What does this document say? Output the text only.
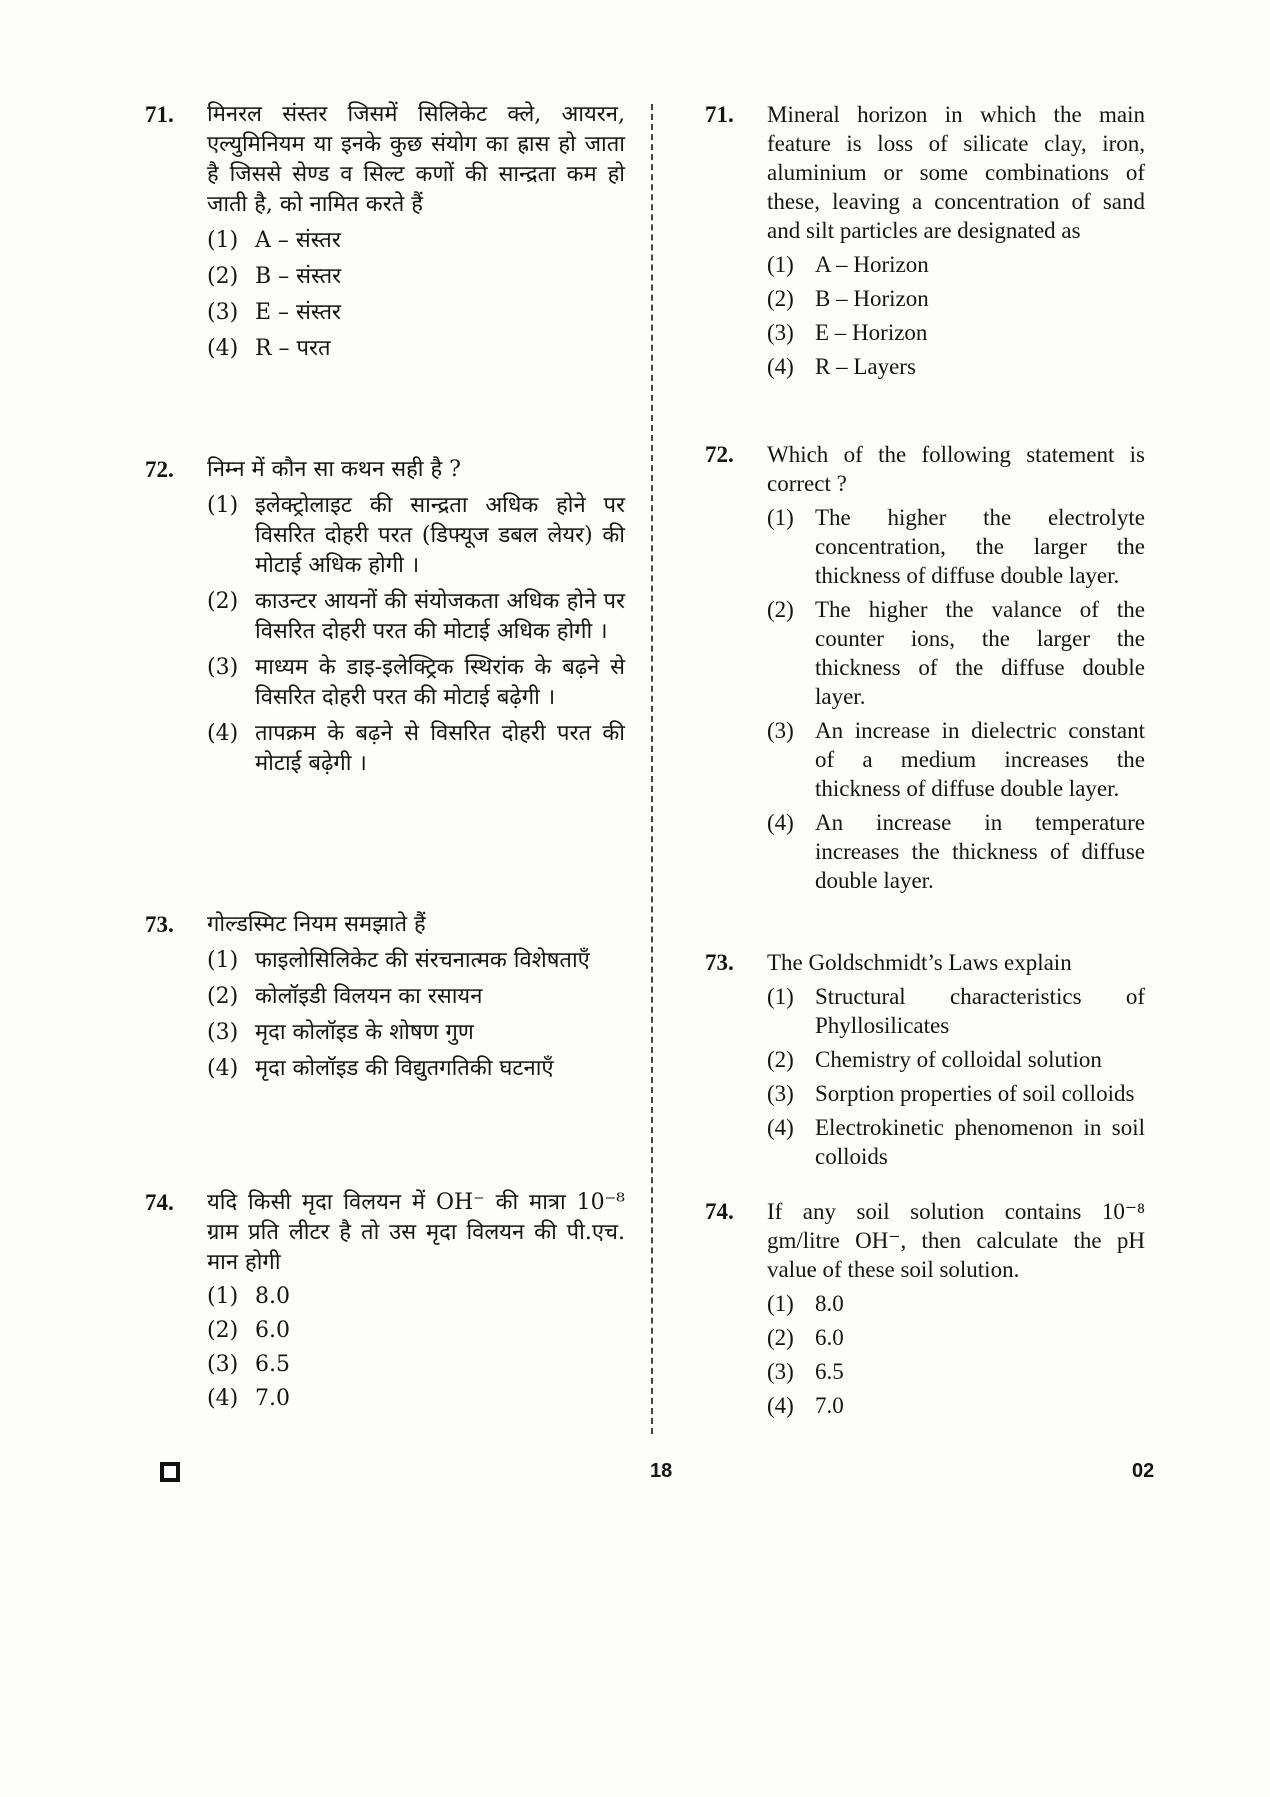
71.	मिनरल संस्तर जिसमें सिलिकेट क्ले, आयरन, एल्युमिनियम या इनके कुछ संयोग का ह्रास हो जाता है जिससे सेण्ड व सिल्ट कणों की सान्द्रता कम हो जाती है, को नामित करते हैं
(1) A – संस्तर
(2) B – संस्तर
(3) E – संस्तर
(4) R – परत
72.	निम्न में कौन सा कथन सही है ?
(1) इलेक्ट्रोलाइट की सान्द्रता अधिक होने पर विसरित दोहरी परत (डिफ्यूज डबल लेयर) की मोटाई अधिक होगी ।
(2) काउन्टर आयनों की संयोजकता अधिक होने पर विसरित दोहरी परत की मोटाई अधिक होगी ।
(3) माध्यम के डाइ-इलेक्ट्रिक स्थिरांक के बढ़ने से विसरित दोहरी परत की मोटाई बढ़ेगी ।
(4) तापक्रम के बढ़ने से विसरित दोहरी परत की मोटाई बढ़ेगी ।
73.	गोल्डस्मिट नियम समझाते हैं
(1) फाइलोसिलिकेट की संरचनात्मक विशेषताएँ
(2) कोलॉइडी विलयन का रसायन
(3) मृदा कोलॉइड के शोषण गुण
(4) मृदा कोलॉइड की विद्युतगतिकी घटनाएँ
74.	यदि किसी मृदा विलयन में OH⁻ की मात्रा 10⁻⁸ ग्राम प्रति लीटर है तो उस मृदा विलयन की पी.एच. मान होगी
(1) 8.0
(2) 6.0
(3) 6.5
(4) 7.0
71.	Mineral horizon in which the main feature is loss of silicate clay, iron, aluminium or some combinations of these, leaving a concentration of sand and silt particles are designated as
(1) A – Horizon
(2) B – Horizon
(3) E – Horizon
(4) R – Layers
72.	Which of the following statement is correct ?
(1) The higher the electrolyte concentration, the larger the thickness of diffuse double layer.
(2) The higher the valance of the counter ions, the larger the thickness of the diffuse double layer.
(3) An increase in dielectric constant of a medium increases the thickness of diffuse double layer.
(4) An increase in temperature increases the thickness of diffuse double layer.
73.	The Goldschmidt’s Laws explain
(1) Structural characteristics of Phyllosilicates
(2) Chemistry of colloidal solution
(3) Sorption properties of soil colloids
(4) Electrokinetic phenomenon in soil colloids
74.	If any soil solution contains 10⁻⁸ gm/litre OH⁻, then calculate the pH value of these soil solution.
(1) 8.0
(2) 6.0
(3) 6.5
(4) 7.0
18	02
